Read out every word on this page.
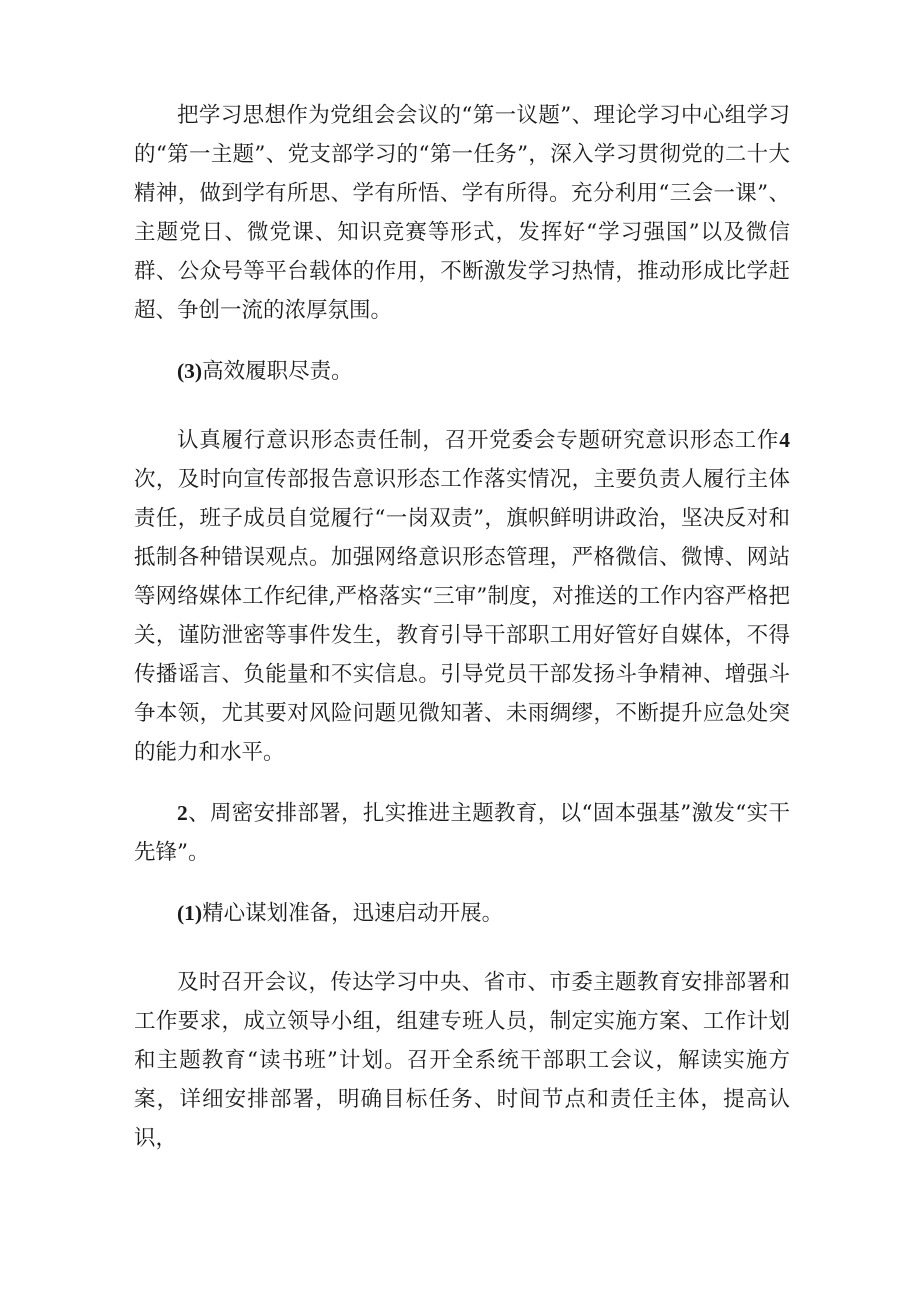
把学习思想作为党组会会议的“第一议题”、理论学习中心组学习的“第一主题”、党支部学习的“第一任务”，深入学习贯彻党的二十大精神，做到学有所思、学有所悟、学有所得。充分利用“三会一课”、主题党日、微党课、知识竞赛等形式，发挥好“学习强国”以及微信群、公众号等平台载体的作用，不断激发学习热情，推动形成比学赶超、争创一流的浓厚氛围。

(3)高效履职尽责。

认真履行意识形态责任制，召开党委会专题研究意识形态工作4次，及时向宣传部报告意识形态工作落实情况，主要负责人履行主体责任，班子成员自觉履行“一岗双责”，旗帜鲜明讲政治，坚决反对和抵制各种错误观点。加强网络意识形态管理，严格微信、微博、网站等网络媒体工作纪律,严格落实“三审”制度，对推送的工作内容严格把关，谨防泄密等事件发生，教育引导干部职工用好管好自媒体，不得传播谣言、负能量和不实信息。引导党员干部发扬斗争精神、增强斗争本领，尤其要对风险问题见微知著、未雨绸缪，不断提升应急处突的能力和水平。

2、周密安排部署，扎实推进主题教育，以“固本强基”激发“实干先锋”。

(1)精心谋划准备，迅速启动开展。

及时召开会议，传达学习中央、省市、市委主题教育安排部署和工作要求，成立领导小组，组建专班人员，制定实施方案、工作计划和主题教育“读书班”计划。召开全系统干部职工会议，解读实施方案，详细安排部署，明确目标任务、时间节点和责任主体，提高认识，
